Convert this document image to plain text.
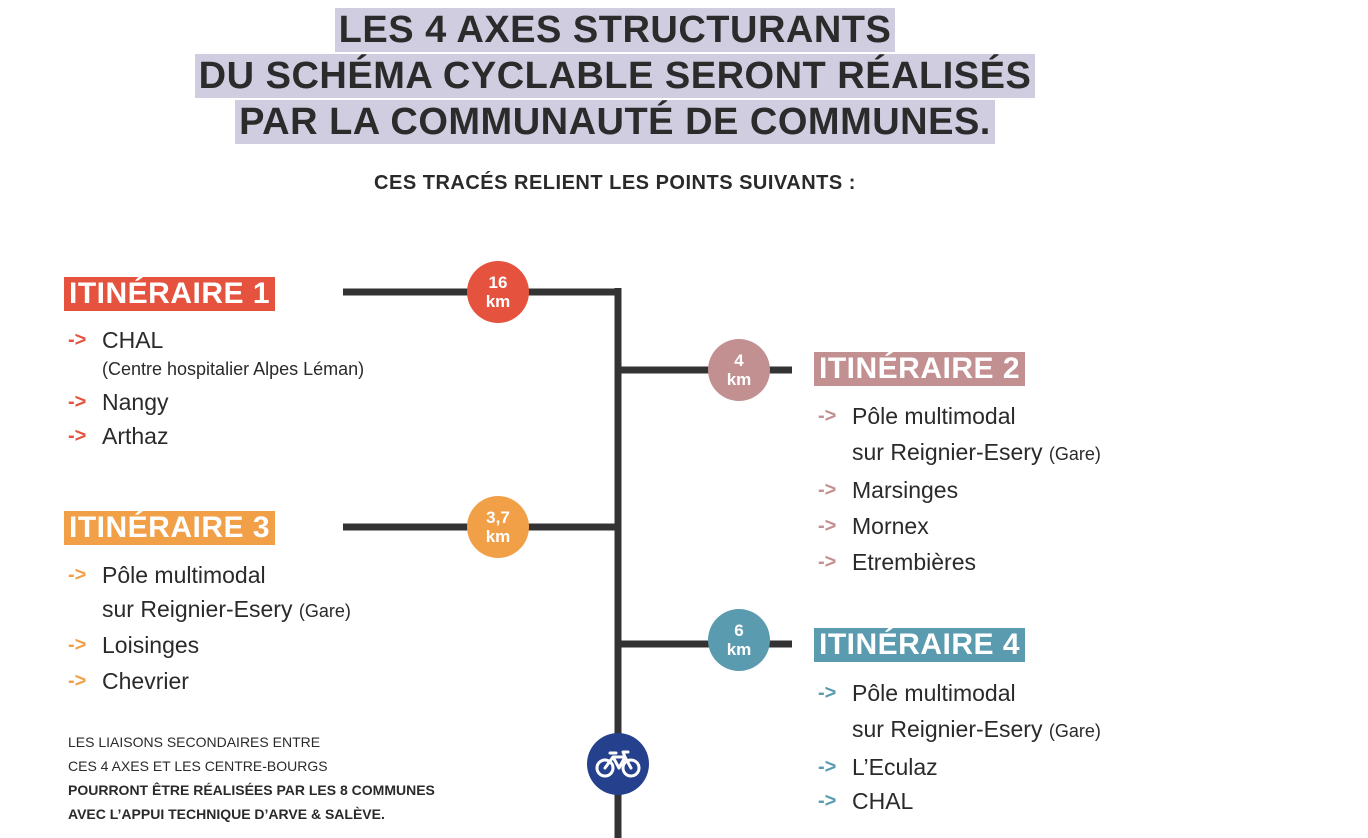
LES 4 AXES STRUCTURANTS
DU SCHÉMA CYCLABLE SERONT RÉALISÉS
PAR LA COMMUNAUTÉ DE COMMUNES.
CES TRACÉS RELIENT LES POINTS SUIVANTS :
16
km
4
km
3,7
km
6
km
ITINÉRAIRE 1
-> CHAL
(Centre hospitalier Alpes Léman)
-> Nangy
-> Arthaz
ITINÉRAIRE 3
-> Pôle multimodal
sur Reignier-Esery (Gare)
-> Loisinges
-> Chevrier
ITINÉRAIRE 2
-> Pôle multimodal
sur Reignier-Esery (Gare)
-> Marsinges
-> Mornex
-> Etrembières
ITINÉRAIRE 4
-> Pôle multimodal
sur Reignier-Esery (Gare)
-> L’Eculaz
-> CHAL
LES LIAISONS SECONDAIRES ENTRE
CES 4 AXES ET LES CENTRE-BOURGS
POURRONT ÊTRE RÉALISÉES PAR LES 8 COMMUNES
AVEC L’APPUI TECHNIQUE D’ARVE & SALÈVE.
